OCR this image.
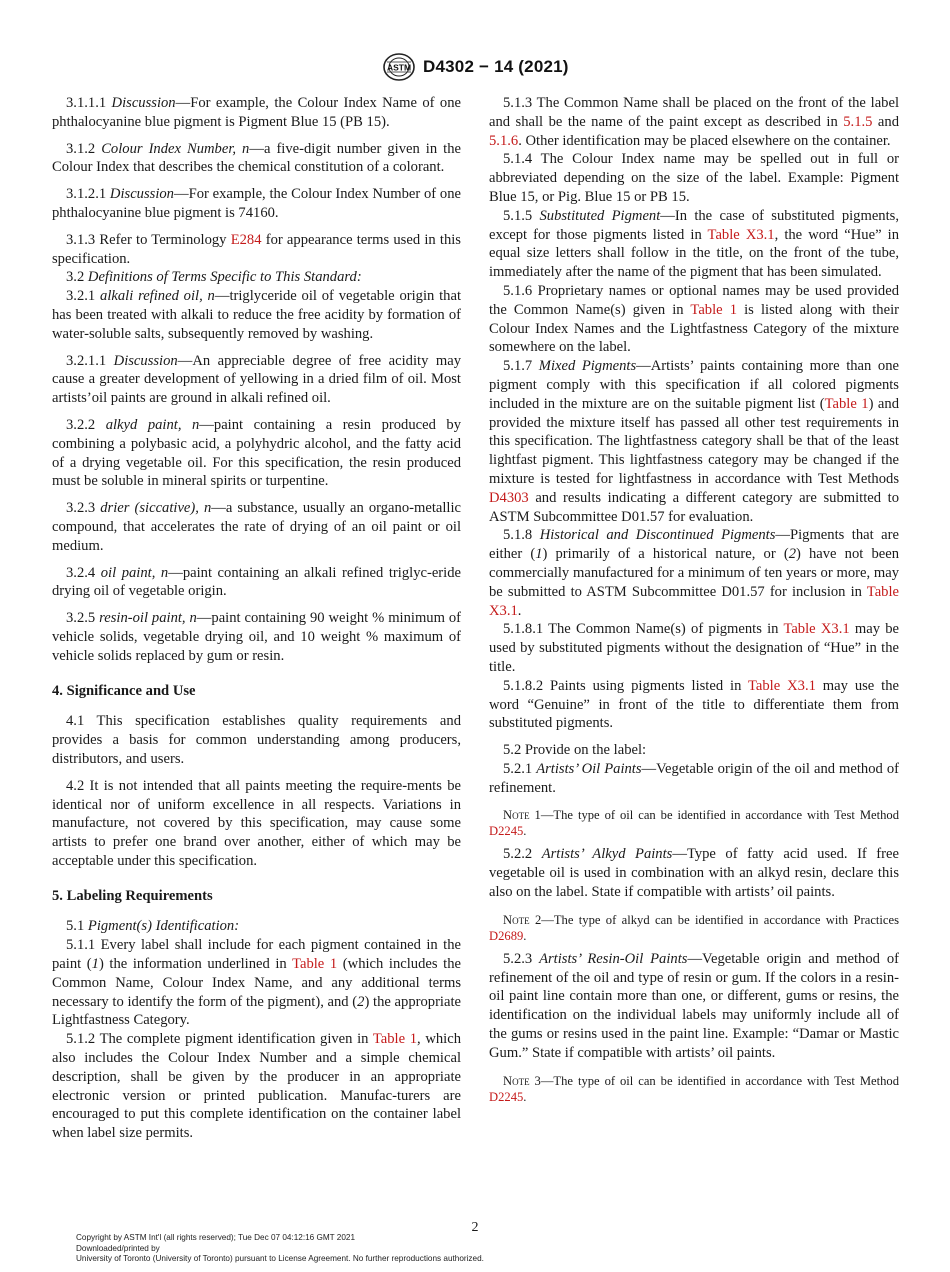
ASTM D4302 − 14 (2021)

3.1.1.1 Discussion—For example, the Colour Index Name of one phthalocyanine blue pigment is Pigment Blue 15 (PB 15).

3.1.2 Colour Index Number, n—a five-digit number given in the Colour Index that describes the chemical constitution of a colorant.

3.1.2.1 Discussion—For example, the Colour Index Number of one phthalocyanine blue pigment is 74160.

3.1.3 Refer to Terminology E284 for appearance terms used in this specification.

3.2 Definitions of Terms Specific to This Standard:

3.2.1 alkali refined oil, n—triglyceride oil of vegetable origin that has been treated with alkali to reduce the free acidity by formation of water-soluble salts, subsequently removed by washing.

3.2.1.1 Discussion—An appreciable degree of free acidity may cause a greater development of yellowing in a dried film of oil. Most artists’oil paints are ground in alkali refined oil.

3.2.2 alkyd paint, n—paint containing a resin produced by combining a polybasic acid, a polyhydric alcohol, and the fatty acid of a drying vegetable oil. For this specification, the resin produced must be soluble in mineral spirits or turpentine.

3.2.3 drier (siccative), n—a substance, usually an organo-metallic compound, that accelerates the rate of drying of an oil paint or oil medium.

3.2.4 oil paint, n—paint containing an alkali refined triglyc-eride drying oil of vegetable origin.

3.2.5 resin-oil paint, n—paint containing 90 weight % minimum of vehicle solids, vegetable drying oil, and 10 weight % maximum of vehicle solids replaced by gum or resin.

4. Significance and Use

4.1 This specification establishes quality requirements and provides a basis for common understanding among producers, distributors, and users.

4.2 It is not intended that all paints meeting the require-ments be identical nor of uniform excellence in all respects. Variations in manufacture, not covered by this specification, may cause some artists to prefer one brand over another, either of which may be acceptable under this specification.

5. Labeling Requirements

5.1 Pigment(s) Identification:

5.1.1 Every label shall include for each pigment contained in the paint (1) the information underlined in Table 1 (which includes the Common Name, Colour Index Name, and any additional terms necessary to identify the form of the pigment), and (2) the appropriate Lightfastness Category.

5.1.2 The complete pigment identification given in Table 1, which also includes the Colour Index Number and a simple chemical description, shall be given by the producer in an appropriate electronic version or printed publication. Manufac-turers are encouraged to put this complete identification on the container label when label size permits.

5.1.3 The Common Name shall be placed on the front of the label and shall be the name of the paint except as described in 5.1.5 and 5.1.6. Other identification may be placed elsewhere on the container.

5.1.4 The Colour Index name may be spelled out in full or abbreviated depending on the size of the label. Example: Pigment Blue 15, or Pig. Blue 15 or PB 15.

5.1.5 Substituted Pigment—In the case of substituted pigments, except for those pigments listed in Table X3.1, the word “Hue” in equal size letters shall follow in the title, on the front of the tube, immediately after the name of the pigment that has been simulated.

5.1.6 Proprietary names or optional names may be used provided the Common Name(s) given in Table 1 is listed along with their Colour Index Names and the Lightfastness Category of the mixture somewhere on the label.

5.1.7 Mixed Pigments—Artists’ paints containing more than one pigment comply with this specification if all colored pigments included in the mixture are on the suitable pigment list (Table 1) and provided the mixture itself has passed all other test requirements in this specification. The lightfastness category shall be that of the least lightfast pigment. This lightfastness category may be changed if the mixture is tested for lightfastness in accordance with Test Methods D4303 and results indicating a different category are submitted to ASTM Subcommittee D01.57 for evaluation.

5.1.8 Historical and Discontinued Pigments—Pigments that are either (1) primarily of a historical nature, or (2) have not been commercially manufactured for a minimum of ten years or more, may be submitted to ASTM Subcommittee D01.57 for inclusion in Table X3.1.

5.1.8.1 The Common Name(s) of pigments in Table X3.1 may be used by substituted pigments without the designation of “Hue” in the title.

5.1.8.2 Paints using pigments listed in Table X3.1 may use the word “Genuine” in front of the title to differentiate them from substituted pigments.

5.2 Provide on the label:

5.2.1 Artists’ Oil Paints—Vegetable origin of the oil and method of refinement.

Note 1—The type of oil can be identified in accordance with Test Method D2245.

5.2.2 Artists’ Alkyd Paints—Type of fatty acid used. If free vegetable oil is used in combination with an alkyd resin, declare this also on the label. State if compatible with artists’ oil paints.

Note 2—The type of alkyd can be identified in accordance with Practices D2689.

5.2.3 Artists’ Resin-Oil Paints—Vegetable origin and method of refinement of the oil and type of resin or gum. If the colors in a resin-oil paint line contain more than one, or different, gums or resins, the identification on the individual labels may uniformly include all of the gums or resins used in the paint line. Example: “Damar or Mastic Gum.” State if compatible with artists’ oil paints.

Note 3—The type of oil can be identified in accordance with Test Method D2245.

2
Copyright by ASTM Int'l (all rights reserved); Tue Dec 07 04:12:16 GMT 2021
Downloaded/printed by
University of Toronto (University of Toronto) pursuant to License Agreement. No further reproductions authorized.
